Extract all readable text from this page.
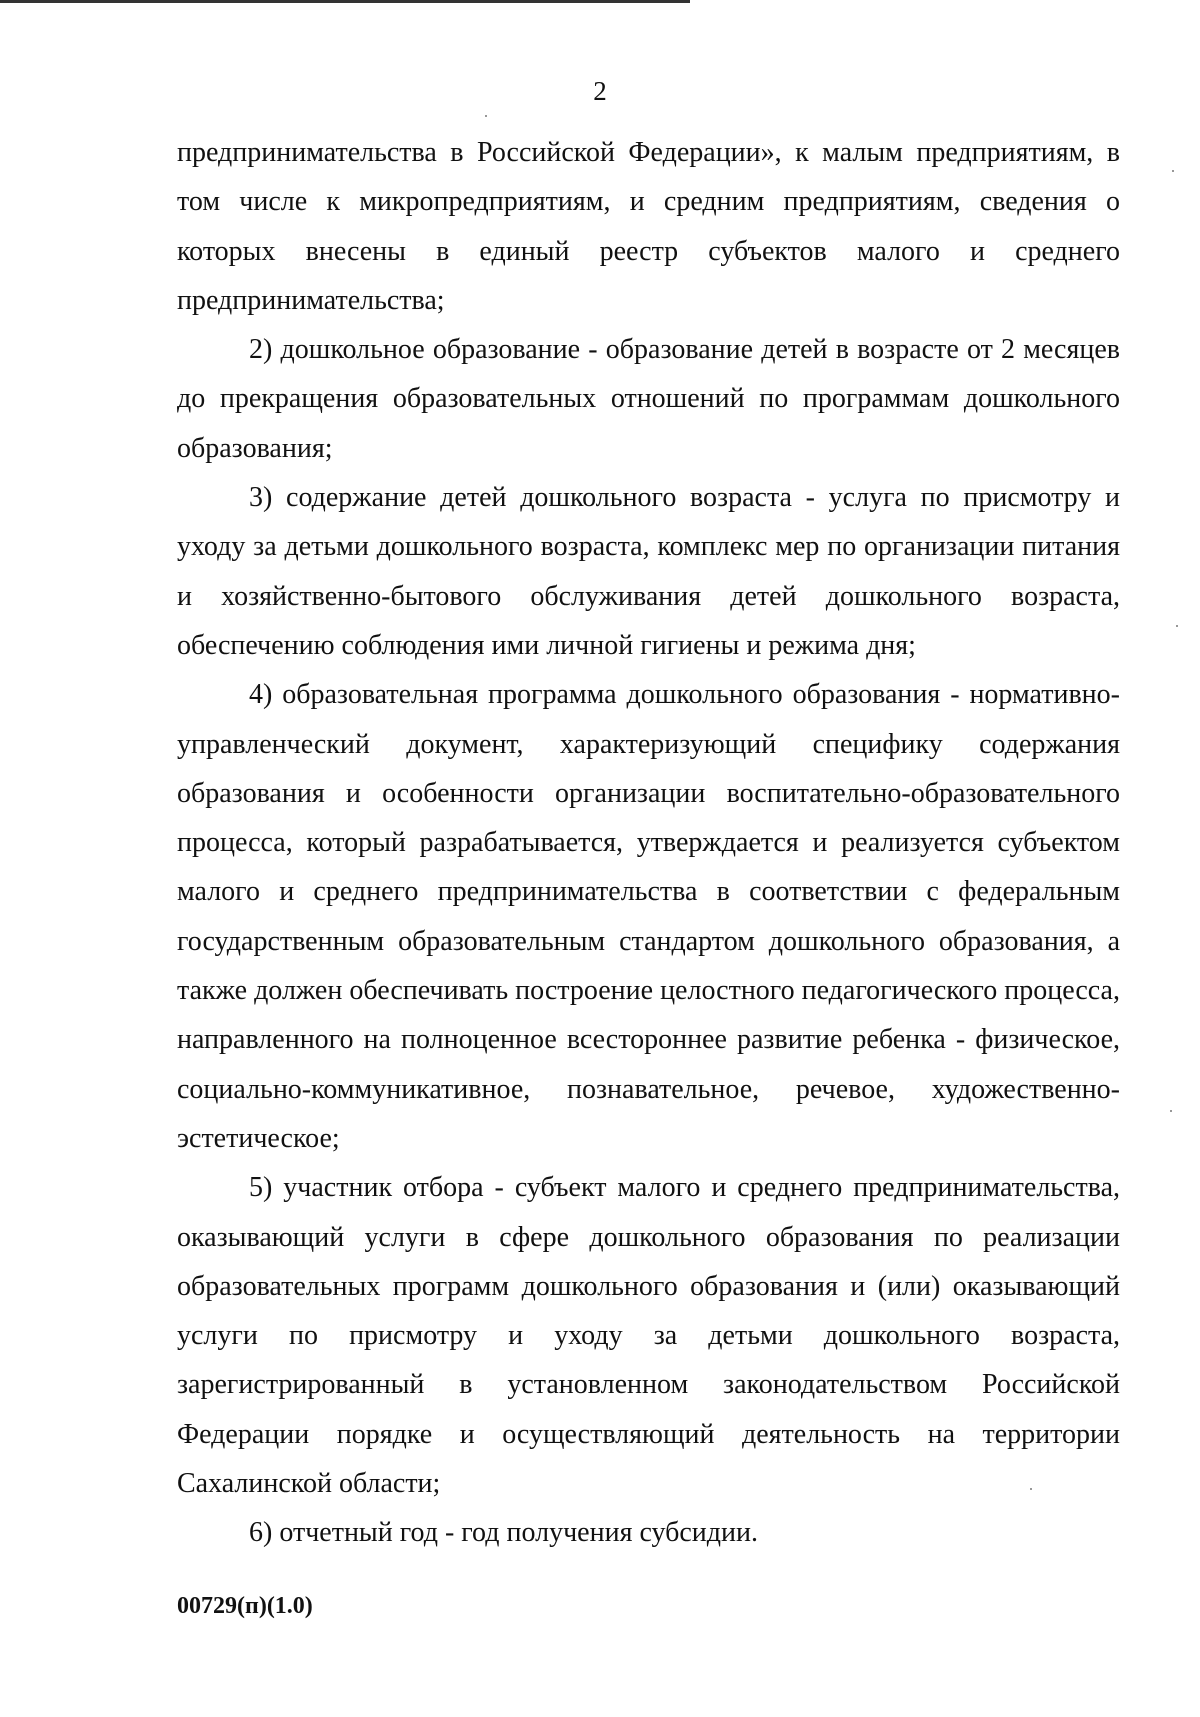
2

предпринимательства в Российской Федерации», к малым предприятиям, в том числе к микропредприятиям, и средним предприятиям, сведения о которых внесены в единый реестр субъектов малого и среднего предпринимательства;

2) дошкольное образование - образование детей в возрасте от 2 месяцев до прекращения образовательных отношений по программам дошкольного образования;

3) содержание детей дошкольного возраста - услуга по присмотру и уходу за детьми дошкольного возраста, комплекс мер по организации питания и хозяйственно-бытового обслуживания детей дошкольного возраста, обеспечению соблюдения ими личной гигиены и режима дня;

4) образовательная программа дошкольного образования - нормативно-управленческий документ, характеризующий специфику содержания образования и особенности организации воспитательно-образовательного процесса, который разрабатывается, утверждается и реализуется субъектом малого и среднего предпринимательства в соответствии с федеральным государственным образовательным стандартом дошкольного образования, а также должен обеспечивать построение целостного педагогического процесса, направленного на полноценное всестороннее развитие ребенка - физическое, социально-коммуникативное, познавательное, речевое, художественно-эстетическое;

5) участник отбора - субъект малого и среднего предпринимательства, оказывающий услуги в сфере дошкольного образования по реализации образовательных программ дошкольного образования и (или) оказывающий услуги по присмотру и уходу за детьми дошкольного возраста, зарегистрированный в установленном законодательством Российской Федерации порядке и осуществляющий деятельность на территории Сахалинской области;

6) отчетный год - год получения субсидии.

00729(п)(1.0)
